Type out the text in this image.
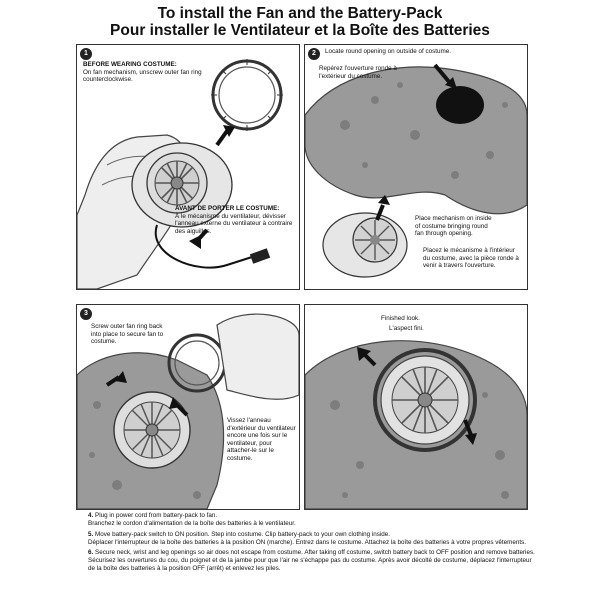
To install the Fan and the Battery-Pack
Pour installer le Ventilateur et la Boîte des Batteries
1
BEFORE WEARING COSTUME:
On fan mechanism, unscrew outer fan ring counterclockwise.
AVANT DE PORTER LE COSTUME:
À le mécanisme du ventilateur, dévisser l'anneau externe du ventilateur à contraire des aiguilles.
2	Locate round opening on outside of costume.
Repérez l'ouverture ronde à l'extérieur du costume.
Place mechanism on inside of costume bringing round fan through opening.
Placez le mécanisme à l'intérieur du costume, avec la pièce ronde à venir à travers l'ouverture.
3
Screw outer fan ring back into place to secure fan to costume.
Vissez l'anneau d'extérieur du ventilateur encore une fois sur le ventilateur, pour attacher-le sur le costume.
Finished look.
L'aspect fini.
4. Plug in power cord from battery-pack to fan.
Branchez le cordon d'alimentation de la boîte des batteries à le ventilateur.
5. Move battery-pack switch to ON position. Step into costume. Clip battery-pack to your own clothing inside.
Déplacer l'interrupteur de la boîte des batteries à la position ON (marche). Entrez dans le costume. Attachez la boîte des batteries à votre propres vêtements.
6. Secure neck, wrist and leg openings so air does not escape from costume. After taking off costume, switch battery back to OFF position and remove batteries.
Sécurisez les ouvertures du cou, du poignet et de la jambe pour que l'air ne s'échappe pas du costume. Après avoir décolté de costume, déplacez l'interrupteur de la boîte des batteries à la position OFF (arrêt) et enlevez les piles.
